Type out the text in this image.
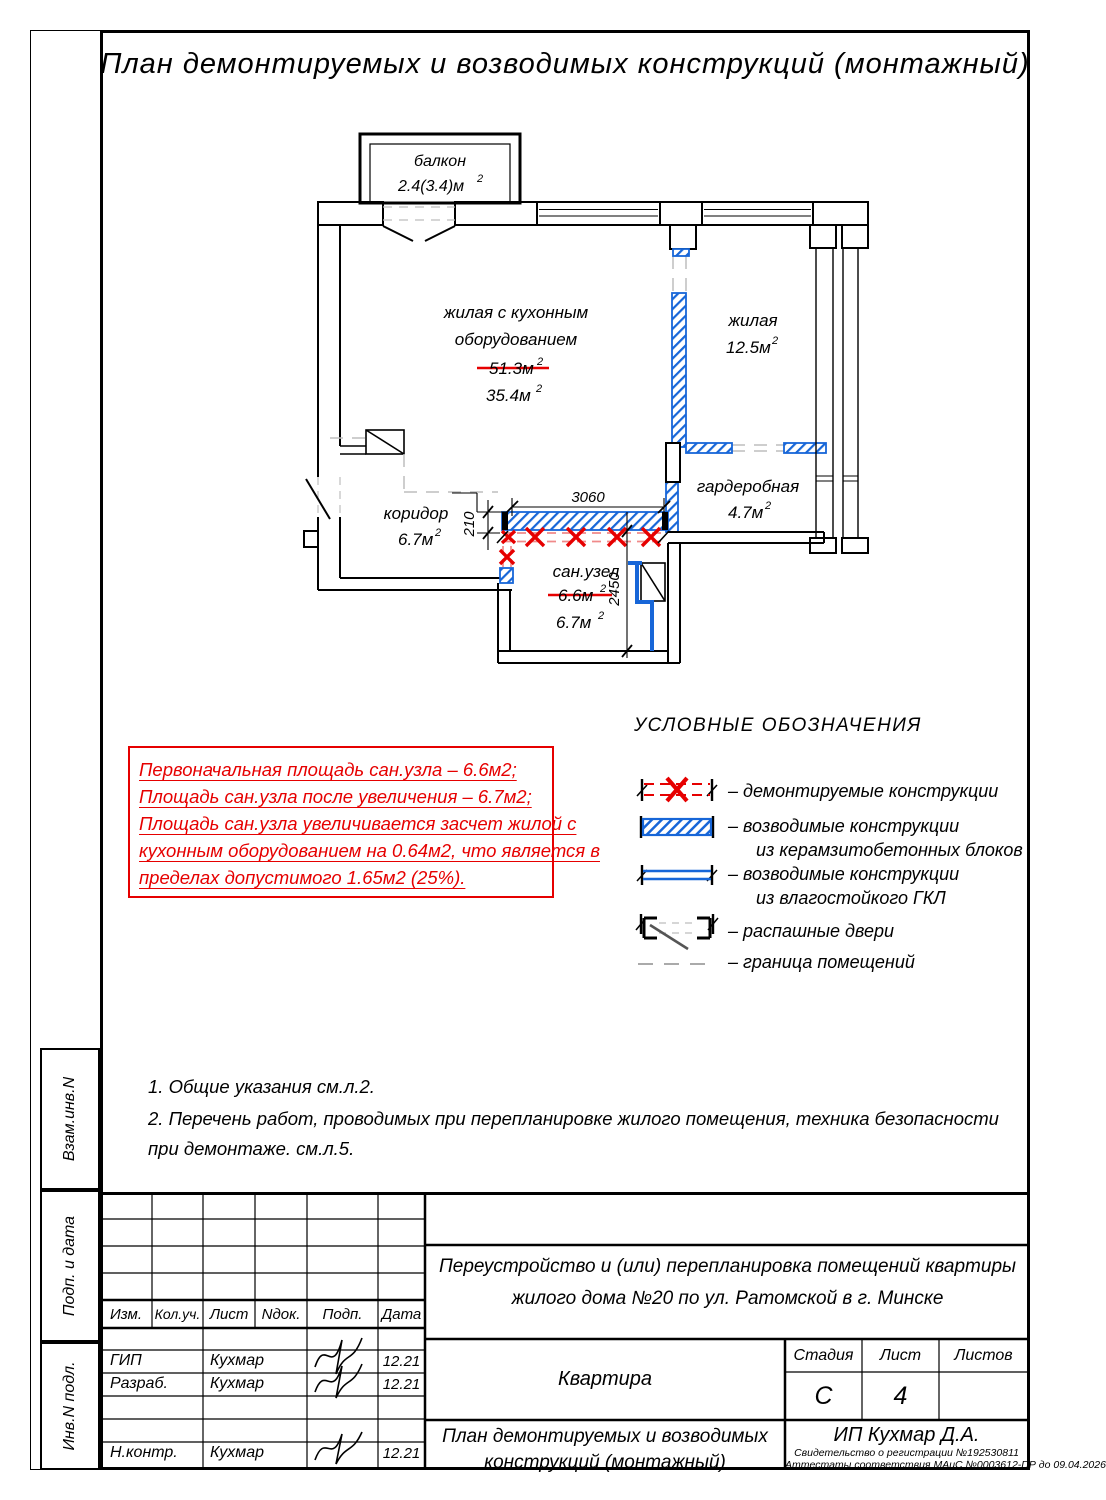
План демонтируемых и возводимых конструкций (монтажный)
балкон
2.4(3.4)м 2
жилая с кухонным
оборудованием
51.3м 2
35.4м 2
жилая
12.5м 2
гардеробная
4.7м 2
коридор
6.7м 2
сан.узел
6.6м 2
6.7м 2
3060
210
2450
Первоначальная площадь сан.узла – 6.6м2;
Площадь сан.узла после увеличения – 6.7м2;
Площадь сан.узла увеличивается засчет жилой с
кухонным оборудованием на 0.64м2, что является в
пределах допустимого 1.65м2 (25%).
УСЛОВНЫЕ ОБОЗНАЧЕНИЯ
– демонтируемые конструкции
– возводимые конструкции
из керамзитобетонных блоков
– возводимые конструкции
из влагостойкого ГКЛ
– распашные двери
– граница помещений
1. Общие указания см.л.2.
2. Перечень работ, проводимых при перепланировке жилого помещения, техника безопасности
при демонтаже. см.л.5.
Взам.инв.N
Подп. и дата
Инв.N подл.
Изм. Кол.уч. Лист Nдок.	Подп.	Дата
ГИП	Кухмар	12.21
Разраб.	Кухмар	12.21
Н.контр. Кухмар	12.21
Переустройство и (или) перепланировка помещений квартиры
жилого дома №20 по ул. Ратомской в г. Минске
Квартира
Стадия	Лист	Листов
С	4
План демонтируемых и возводимых
конструкций (монтажный)
ИП Кухмар Д.А.
Свидетельство о регистрации №192530811
Аттестаты соответствия МАиС №0003612-ПР до 09.04.2026
